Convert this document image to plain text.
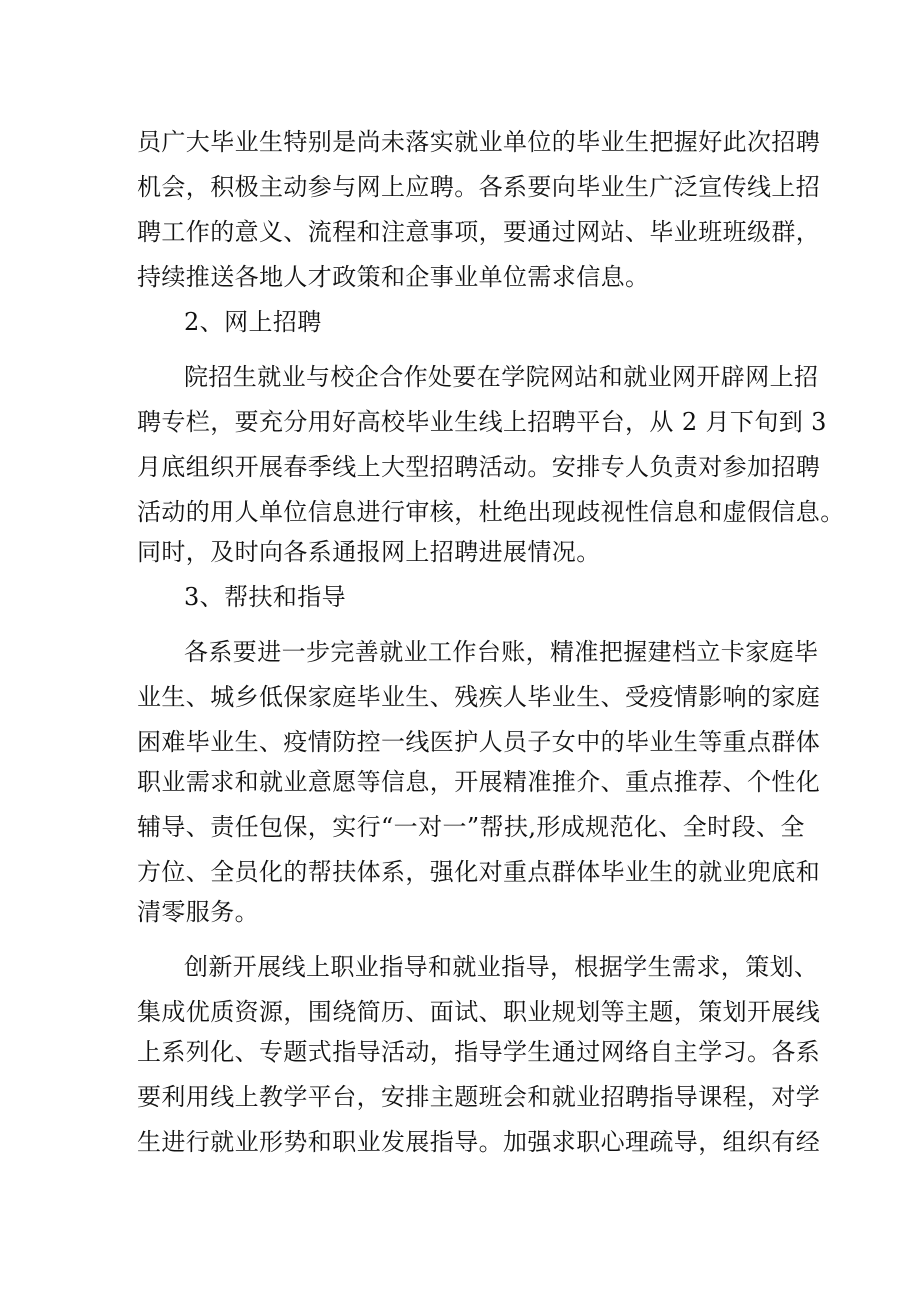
员广大毕业生特别是尚未落实就业单位的毕业生把握好此次招聘

机会，积极主动参与网上应聘。各系要向毕业生广泛宣传线上招

聘工作的意义、流程和注意事项，要通过网站、毕业班班级群，

持续推送各地人才政策和企事业单位需求信息。

2、网上招聘

院招生就业与校企合作处要在学院网站和就业网开辟网上招

聘专栏，要充分用好高校毕业生线上招聘平台，从 2 月下旬到 3

月底组织开展春季线上大型招聘活动。安排专人负责对参加招聘

活动的用人单位信息进行审核，杜绝出现歧视性信息和虚假信息。

同时，及时向各系通报网上招聘进展情况。

3、帮扶和指导

各系要进一步完善就业工作台账，精准把握建档立卡家庭毕

业生、城乡低保家庭毕业生、残疾人毕业生、受疫情影响的家庭

困难毕业生、疫情防控一线医护人员子女中的毕业生等重点群体

职业需求和就业意愿等信息，开展精准推介、重点推荐、个性化

辅导、责任包保，实行“一对一”帮扶,形成规范化、全时段、全

方位、全员化的帮扶体系，强化对重点群体毕业生的就业兜底和

清零服务。

创新开展线上职业指导和就业指导，根据学生需求，策划、

集成优质资源，围绕简历、面试、职业规划等主题，策划开展线

上系列化、专题式指导活动，指导学生通过网络自主学习。各系

要利用线上教学平台，安排主题班会和就业招聘指导课程，对学

生进行就业形势和职业发展指导。加强求职心理疏导，组织有经
